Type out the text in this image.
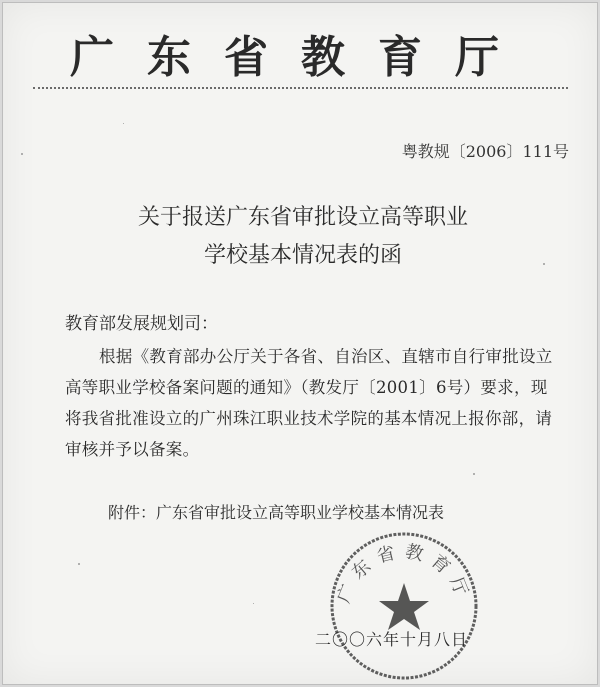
广东省教育厅
粤教规〔2006〕111号
关于报送广东省审批设立高等职业
学校基本情况表的函
教育部发展规划司：
根据《教育部办公厅关于各省、自治区、直辖市自行审批设立高等职业学校备案问题的通知》（教发厅〔2001〕6号）要求，现将我省批准设立的广州珠江职业技术学院的基本情况上报你部，请审核并予以备案。
附件：广东省审批设立高等职业学校基本情况表
广东省教育厅
二〇〇六年十月八日
